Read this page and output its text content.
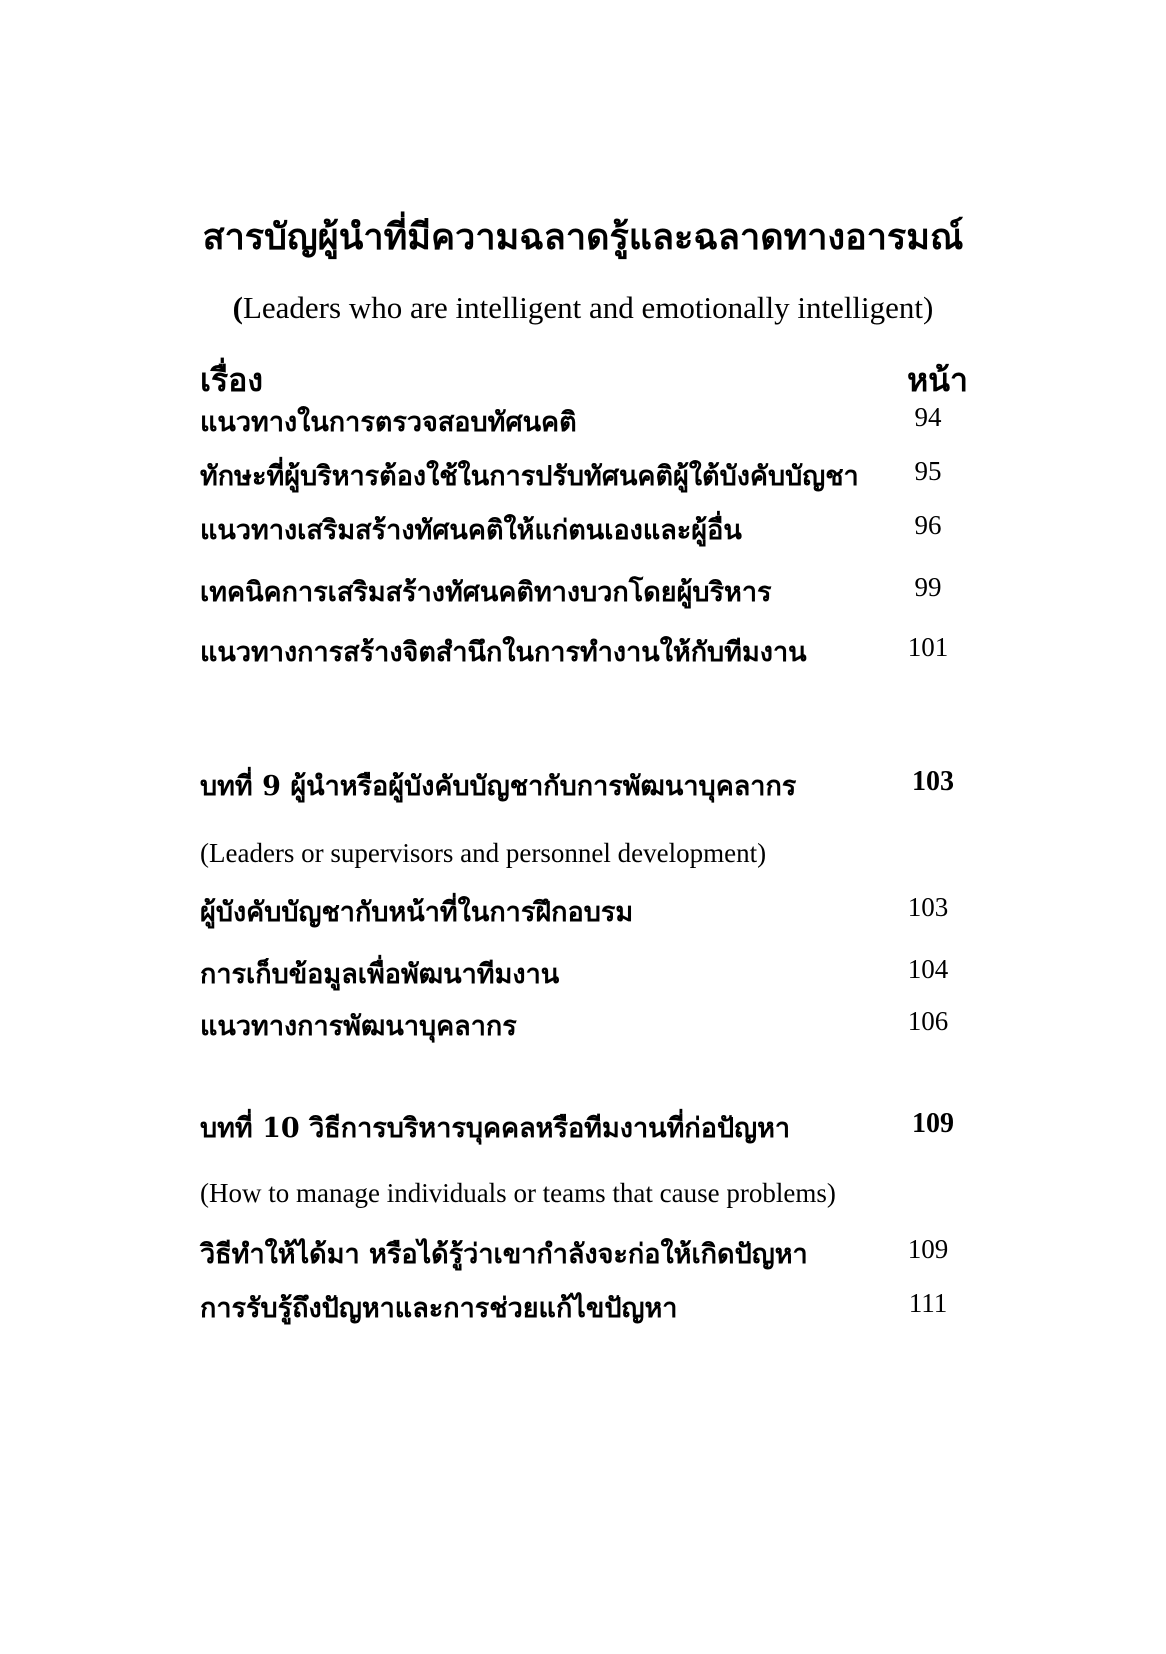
สารบัญผู้นำที่มีความฉลาดรู้และฉลาดทางอารมณ์
(Leaders who are intelligent and emotionally intelligent)
เรื่อง	หน้า
แนวทางในการตรวจสอบทัศนคติ	94
ทักษะที่ผู้บริหารต้องใช้ในการปรับทัศนคติผู้ใต้บังคับบัญชา	95
แนวทางเสริมสร้างทัศนคติให้แก่ตนเองและผู้อื่น	96
เทคนิคการเสริมสร้างทัศนคติทางบวกโดยผู้บริหาร	99
แนวทางการสร้างจิตสำนึกในการทำงานให้กับทีมงาน	101
บทที่ 9 ผู้นำหรือผู้บังคับบัญชากับการพัฒนาบุคลากร	103
(Leaders or supervisors and personnel development)
ผู้บังคับบัญชากับหน้าที่ในการฝึกอบรม	103
การเก็บข้อมูลเพื่อพัฒนาทีมงาน	104
แนวทางการพัฒนาบุคลากร	106
บทที่ 10 วิธีการบริหารบุคคลหรือทีมงานที่ก่อปัญหา	109
(How to manage individuals or teams that cause problems)
วิธีทำให้ได้มา หรือได้รู้ว่าเขากำลังจะก่อให้เกิดปัญหา	109
การรับรู้ถึงปัญหาและการช่วยแก้ไขปัญหา	111
